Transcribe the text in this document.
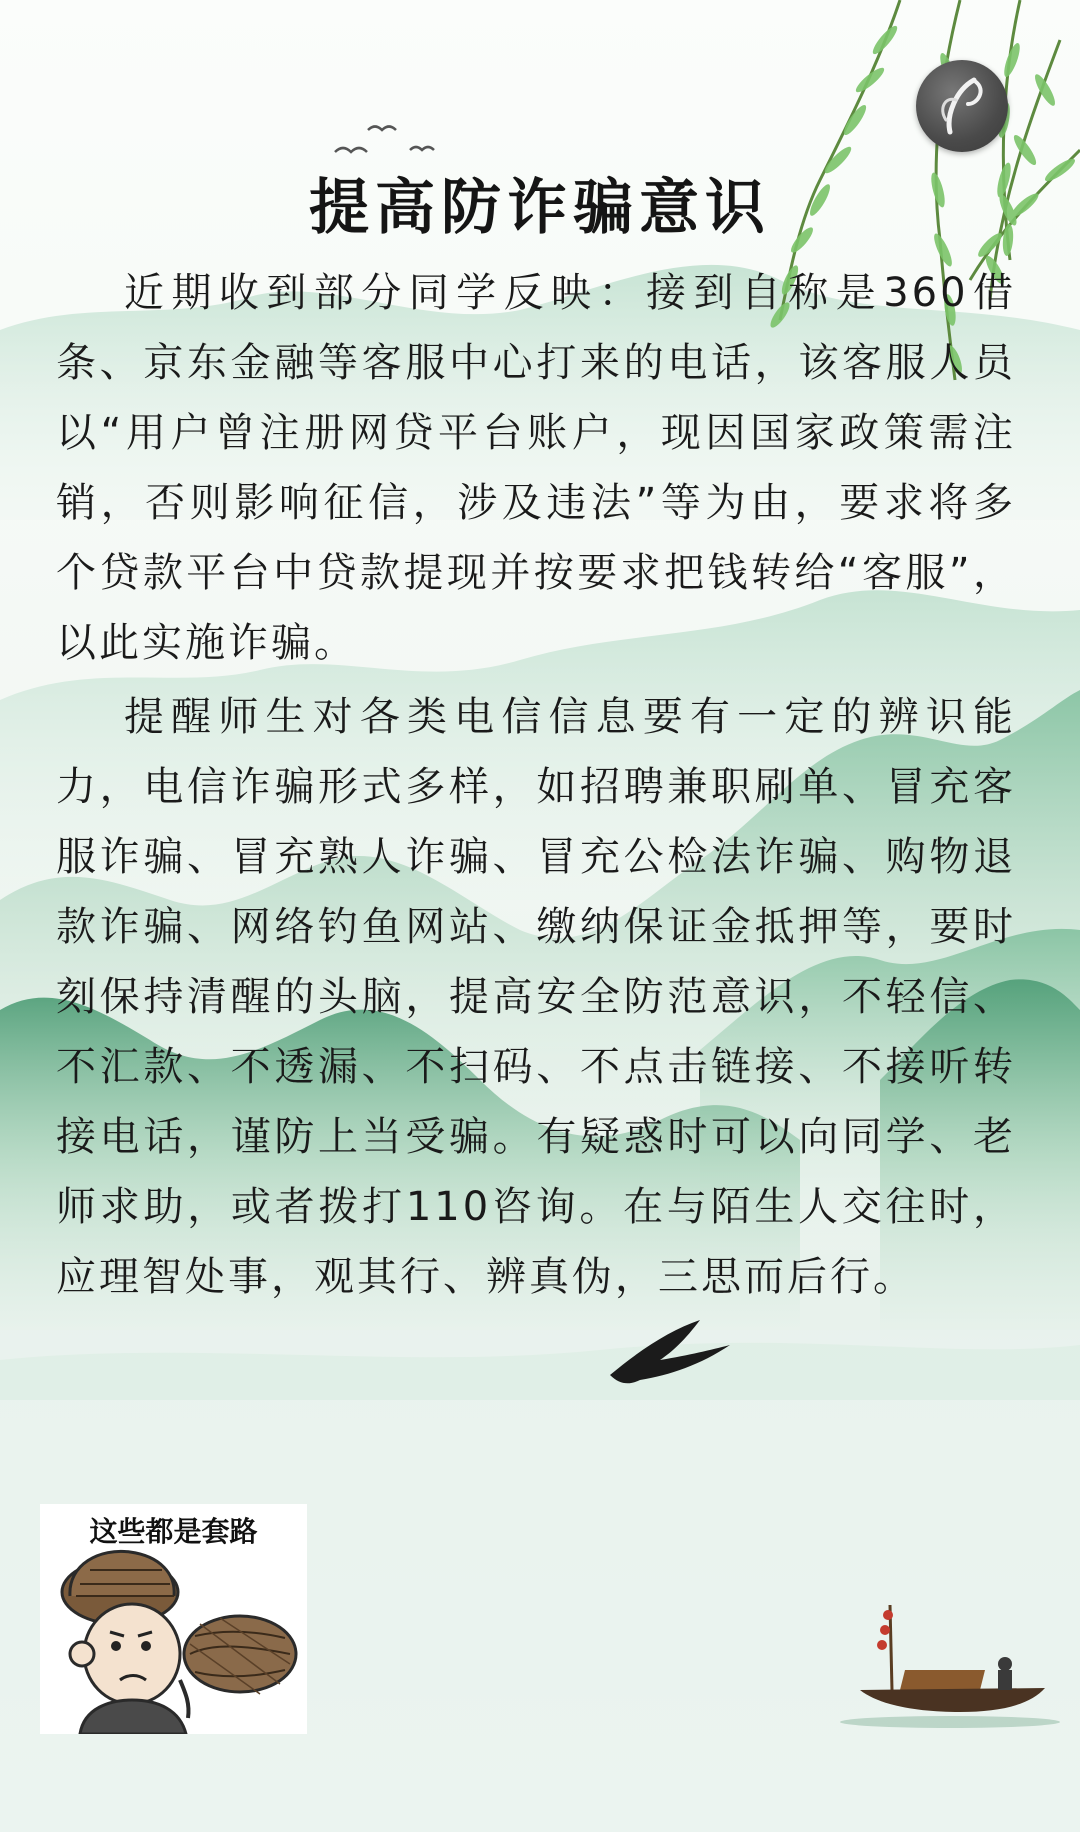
提高防诈骗意识

近期收到部分同学反映：接到自称是360借条、京东金融等客服中心打来的电话，该客服人员以“用户曾注册网贷平台账户，现因国家政策需注销，否则影响征信，涉及违法”等为由，要求将多个贷款平台中贷款提现并按要求把钱转给“客服”，以此实施诈骗。

提醒师生对各类电信信息要有一定的辨识能力，电信诈骗形式多样，如招聘兼职刷单、冒充客服诈骗、冒充熟人诈骗、冒充公检法诈骗、购物退款诈骗、网络钓鱼网站、缴纳保证金抵押等，要时刻保持清醒的头脑，提高安全防范意识，不轻信、不汇款、不透漏、不扫码、不点击链接、不接听转接电话，谨防上当受骗。有疑惑时可以向同学、老师求助，或者拨打110咨询。在与陌生人交往时，应理智处事，观其行、辨真伪，三思而后行。

这些都是套路
